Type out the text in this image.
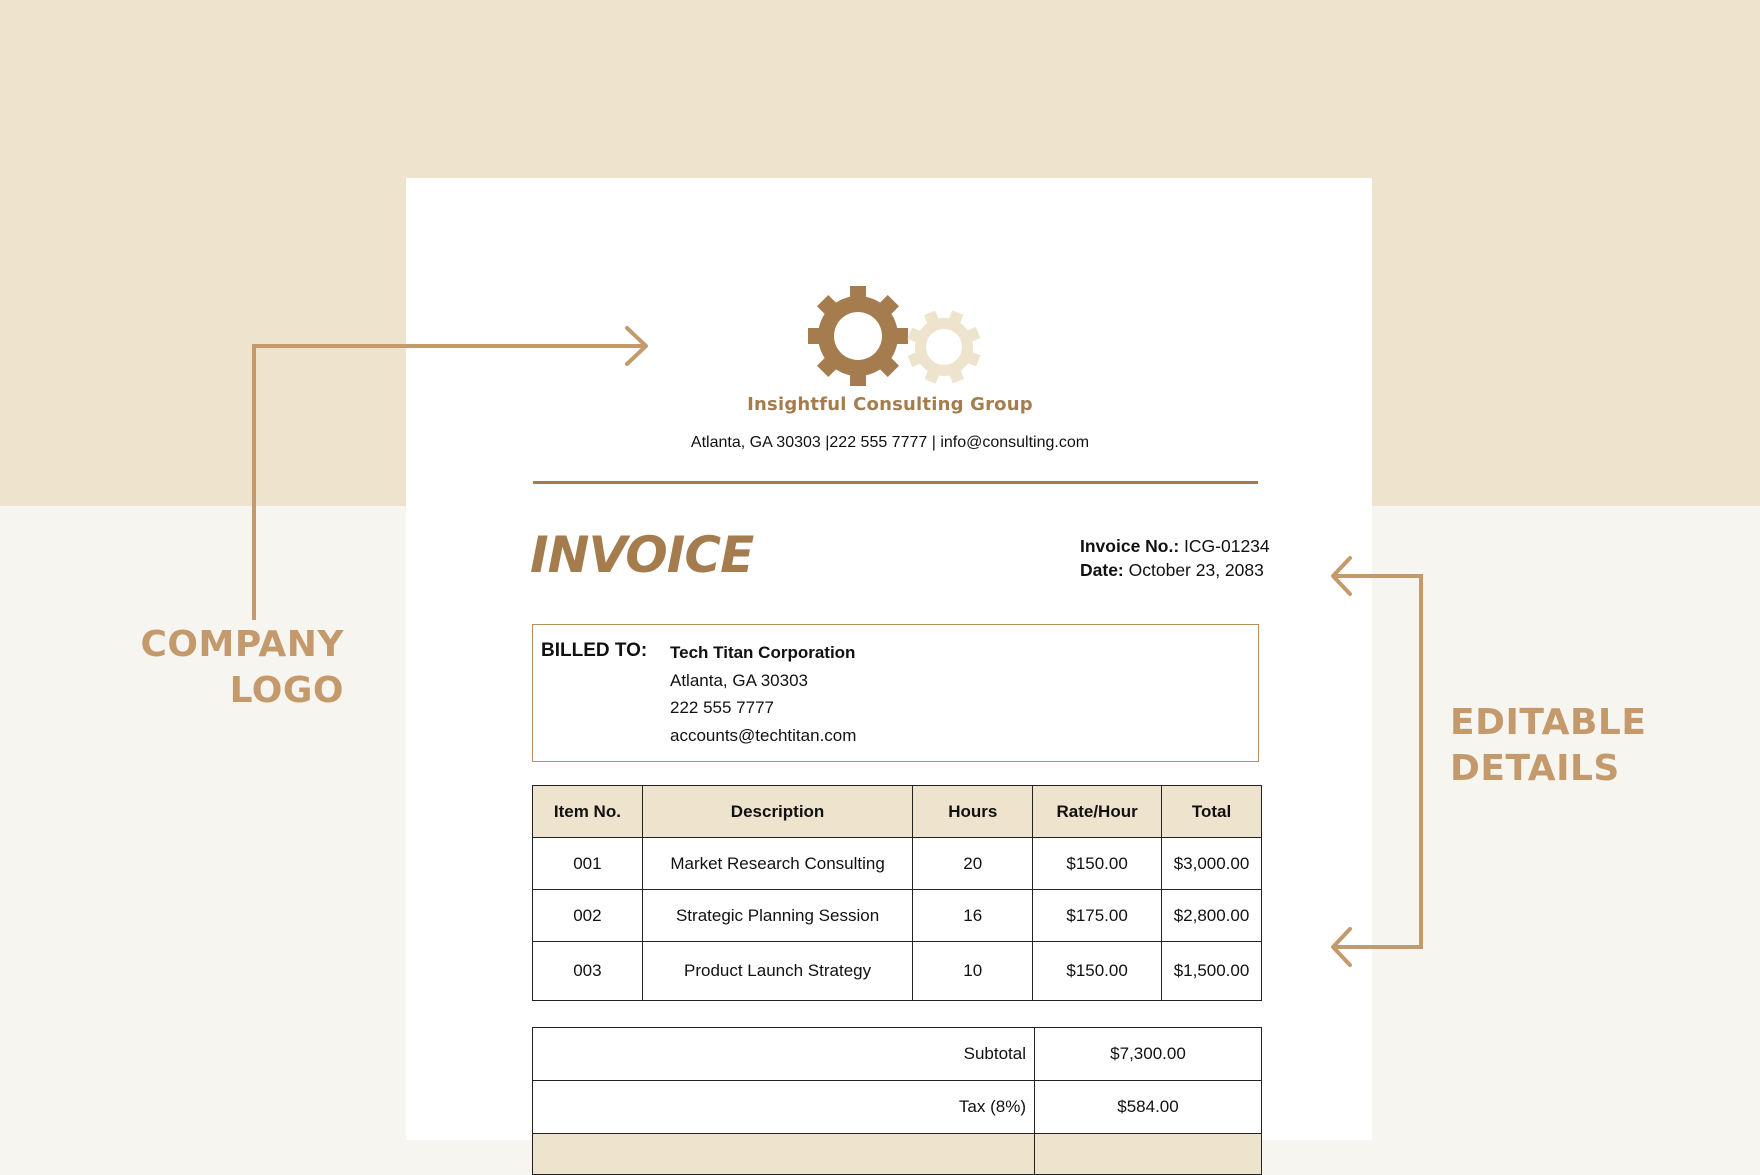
COMPANY
LOGO
EDITABLE
DETAILS
Insightful Consulting Group
Atlanta, GA 30303 |222 555 7777 | info@consulting.com
INVOICE	Invoice No.: ICG-01234
Date: October 23, 2083
BILLED TO: Tech Titan Corporation
Atlanta, GA 30303
222 555 7777
accounts@techtitan.com
Item No.	Description	Hours	Rate/Hour	Total
001	Market Research Consulting	20	$150.00	$3,000.00
002	Strategic Planning Session	16	$175.00	$2,800.00
003	Product Launch Strategy	10	$150.00	$1,500.00
Subtotal	$7,300.00
Tax (8%)	$584.00
